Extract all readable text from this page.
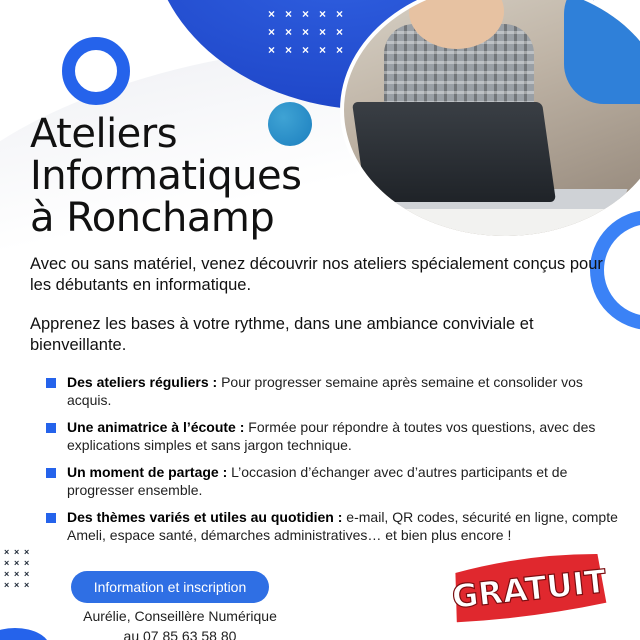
× × × × ×
× × × × ×
× × × × ×
× × ×
× × ×
× × ×
× × ×
Ateliers
Informatiques
à Ronchamp

Avec ou sans matériel, venez découvrir nos ateliers spécialement conçus pour les débutants en informatique.

Apprenez les bases à votre rythme, dans une ambiance conviviale et bienveillante.

Des ateliers réguliers : Pour progresser semaine après semaine et consolider vos acquis.
Une animatrice à l’écoute : Formée pour répondre à toutes vos questions, avec des explications simples et sans jargon technique.
Un moment de partage : L’occasion d’échanger avec d’autres participants et de progresser ensemble.
Des thèmes variés et utiles au quotidien : e-mail, QR codes, sécurité en ligne, compte Ameli, espace santé, démarches administratives… et bien plus encore !
Information et inscription
Aurélie, Conseillère Numérique
au 07 85 63 58 80
GRATUIT
